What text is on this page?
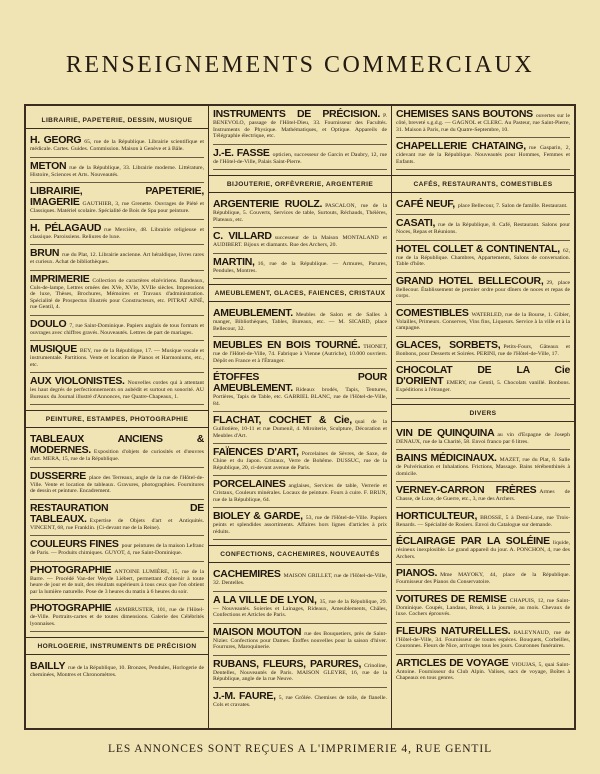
RENSEIGNEMENTS COMMERCIAUX
LIBRAIRIE, PAPETERIE, DESSIN, MUSIQUE
H. GEORG 65, rue de la République. Librairie scientifique et médicale. Cartes. Guides. Commission. Maison à Genève et à Bâle.
METON rue de la République, 33. Librairie moderne. Littérature, Histoire, Sciences et Arts. Nouveautés.
LIBRAIRIE, PAPETERIE, IMAGERIE GAUTHIER, 3, rue Grenette. Ouvrages de Piété et Classiques. Matériel scolaire. Spécialité de Bois de Spa pour peinture.
H. PÉLAGAUD rue Mercière, 48. Librairie religieuse et classique. Paroissiens. Reliures de luxe.
BRUN rue du Plat, 12. Librairie ancienne. Art héraldique, livres rares et curieux. Achat de bibliothèques.
IMPRIMERIE Collection de caractères elzéviriens. Bandeaux, Culs-de-lampe, Lettres ornées des XVe, XVIe, XVIIe siècles. Impressions de luxe, Thèses, Brochures, Mémoires et Travaux d'administration. Spécialité de Prospectus illustrés pour Constructeurs, etc. PITRAT AINÉ, rue Gentil, 4.
DOULO 7, rue Saint-Dominique. Papiers anglais de tous formats et ouvrages avec chiffres gravés. Nouveautés. Lettres de part de mariages.
MUSIQUE BEY, rue de la République, 17. — Musique vocale et instrumentale. Partitions. Vente et location de Pianos et Harmoniums, etc., etc.
AUX VIOLONISTES. Nouvelles cordes qui à attentant les haut degrés de perfectionnements on aubédit et surtout en sonorité. AU Bureaux du Journal illustré d'Annonces, rue Quatre-Chapeaux, 1.
PEINTURE, ESTAMPES, PHOTOGRAPHIE
TABLEAUX ANCIENS & MODERNES. Exposition d'objets de curiosités et d'œuvres d'art. MERA, 15, rue de la République.
DUSSERRE place des Terreaux, angle de la rue de l'Hôtel-de-Ville. Vente et location de tableaux. Gravures, photographies. Fournitures de dessin et peinture. Encadrement.
RESTAURATION DE TABLEAUX. Expertise de Objets d'art et Antiquités. VINCENT, 68, rue Franklin. (Ci-devant rue de la Reine).
COULEURS FINES pour peintures de la maison Lefranc de Paris. — Produits chimiques. GUYOT, 4, rue Saint-Dominique.
PHOTOGRAPHIE ANTOINE LUMIÈRE, 15, rue de la Barre. — Procédé Van-der Weyde Liébert, permettant d'obtenir à toute heure de jour et de nuit, des résultats supérieurs à tous ceux que l'on obtient par la lumière naturelle. Pose de 3 heures du matin à 6 heures du soir.
PHOTOGRAPHIE ARMBRUSTER, 101, rue de l'Hôtel-de-Ville. Portraits-cartes et de toutes dimensions. Galerie des Célébrités lyonnaises.
HORLOGERIE, INSTRUMENTS DE PRÉCISION
BAILLY rue de la République, 10. Bronzes, Pendules, Horlogerie de cheminées, Montres et Chronomètres.
INSTRUMENTS DE PRÉCISION. P. BENEVOLO, passage de l'Hôtel-Dieu, 33. Fournisseur des Facultés. Instruments de Physique. Mathématiques, et Optique. Appareils de Télégraphie électrique, etc.
J.-E. FASSE opticien, successeur de Garcin et Daubry, 12, rue de l'Hôtel-de-Ville, Palais Saint-Pierre.
BIJOUTERIE, ORFÈVRERIE, ARGENTERIE
ARGENTERIE RUOLZ. PASCALON, rue de la République, 5. Couverts, Services de table, Surtouts, Réchauds, Théières, Plateaux, etc.
C. VILLARD successeur de la Maison MONTALAND et AUDIBERT. Bijoux et diamants. Rue des Archers, 20.
MARTIN, 16, rue de la République. — Armures, Parures, Pendules, Montres.
AMEUBLEMENT, GLACES, FAIENCES, CRISTAUX
AMEUBLEMENT. Meubles de Salon et de Salles à manger, Bibliothèques, Tables, Bureaux, etc. — M. SICARD, place Bellecour, 32.
MEUBLES EN BOIS TOURNÉ. THONET, rue de l'Hôtel-de-Ville, 74. Fabrique à Vienne (Autriche), 10.000 ouvriers. Dépôt en France et à l'Étranger.
ÉTOFFES POUR AMEUBLEMENT. Rideaux brodés, Tapis, Tentures, Portières, Tapis de Table, etc. GABRIEL BLANC, rue de l'Hôtel-de-Ville, 84.
FLACHAT, COCHET & Cie, quai de la Guillotière, 10-11 et rue Dumenil, 4. Miroiterie, Sculpture, Décoration et Meubles d'Art.
FAÏENCES D'ART, Porcelaines de Sèvres, de Saxe, de Chine et du Japon. Cristaux, Verre de Bohême. DUSSUC, rue de la République, 20, ci-devant avenue de Paris.
PORCELAINES anglaises, Services de table, Verrerie et Cristaux, Couleurs minérales. Locaux de peinture. Fours à cuire. F. BRUN, rue de la République, 64.
BIOLEY & GARDE, 53, rue de l'Hôtel-de-Ville. Papiers peints et splendides assortiments. Affaires hors lignes d'articles à prix réduits.
CONFECTIONS, CACHEMIRES, NOUVEAUTÉS
CACHEMIRES MAISON GRILLET, rue de l'Hôtel-de-Ville, 32. Dentelles.
A LA VILLE DE LYON, 35, rue de la République, 29. — Nouveautés. Soieries et Lainages, Rideaux, Ameublements, Châles, Confections et Articles de Paris.
MAISON MOUTON rue des Bouquetiers, près de Saint-Nizier. Confections pour Dames. Étoffes nouvelles pour la saison d'hiver. Fourrures, Maroquinerie.
RUBANS, FLEURS, PARURES, Crinoline, Dentelles, Nouveautés de Paris. MAISON GLEYRE, 16, rue de la République, angle de la rue Neuve.
J.-M. FAURE, 5, rue Grôlée. Chemises de toile, de flanelle. Cols et cravates.
CHEMISES SANS BOUTONS ouvertes sur le côté, breveté s.g.d.g. — GAGNOL et CLERC. Au Pasteur, rue Saint-Pierre, 31. Maison à Paris, rue du Quatre-Septembre, 10.
CHAPELLERIE CHATAING, rue Gasparin, 2, cidevant rue de la République. Nouveautés pour Hommes, Femmes et Enfants.
CAFÉS, RESTAURANTS, COMESTIBLES
CAFÉ NEUF, place Bellecour, 7. Salon de famille. Restaurant.
CASATI, rue de la République, 8. Café, Restaurant. Salons pour Noces, Repas et Réunions.
HOTEL COLLET & CONTINENTAL, 62, rue de la République. Chambres, Appartements, Salons de conversation. Table d'hôte.
GRAND HOTEL BELLECOUR, 29, place Bellecour. Établissement de premier ordre pour dîners de noces et repas de corps.
COMESTIBLES WATERLED, rue de la Bourse, 1. Gibier, Volailles, Primeurs. Conserves, Vins fins, Liqueurs. Service à la ville et à la campagne.
GLACES, SORBETS, Petits-Fours, Gâteaux et Bonbons, pour Desserts et Soirées. PERINI, rue de l'Hôtel-de-Ville, 17.
CHOCOLAT DE LA Cie D'ORIENT EMERY, rue Gentil, 5. Chocolats vanillé. Bonbons. Expéditions à l'étranger.
DIVERS
VIN DE QUINQUINA au vin d'Espagne de Joseph DENAUX, rue de la Charité, 58. Envoi franco par 6 litres.
BAINS MÉDICINAUX. MAZET, rue du Plat, 8. Salle de Pulvérisation et Inhalations. Frictions, Massage. Bains térébenthinés à domicile.
VERNEY-CARRON FRÈRES Armes de Chasse, de Luxe, de Guerre, etc., 3, rue des Archers.
HORTICULTEUR, BROSSE, 5 à Demi-Lune, rue Trois-Renards. — Spécialité de Rosiers. Envoi du Catalogue sur demande.
ÉCLAIRAGE PAR LA SOLÉINE liquide, résineux inexplosible. Le grand appareil du jour. A. PONCHON, 4, rue des Archers.
PIANOS. Mme MAYOKY, 44, place de la République. Fournisseur des Pianos du Conservatoire.
VOITURES DE REMISE CHAPUIS, 12, rue Saint-Dominique. Coupés, Landaus, Break, à la journée, au mois. Chevaux de luxe. Cochers éprouvés.
FLEURS NATURELLES. BALEYNAUD, rue de l'Hôtel-de-Ville, 34. Fournisseur de toutes espèces. Bouquets, Corbeilles, Couronnes. Fleurs de Nice, arrivages tous les jours. Couronnes funéraires.
ARTICLES DE VOYAGE VIOUJAS, 5, quai Saint-Antoine. Fournisseur du Club Alpin. Valises, sacs de voyage, Boîtes à Chapeaux en tous genres.
LES ANNONCES SONT REÇUES A L'IMPRIMERIE 4, RUE GENTIL
